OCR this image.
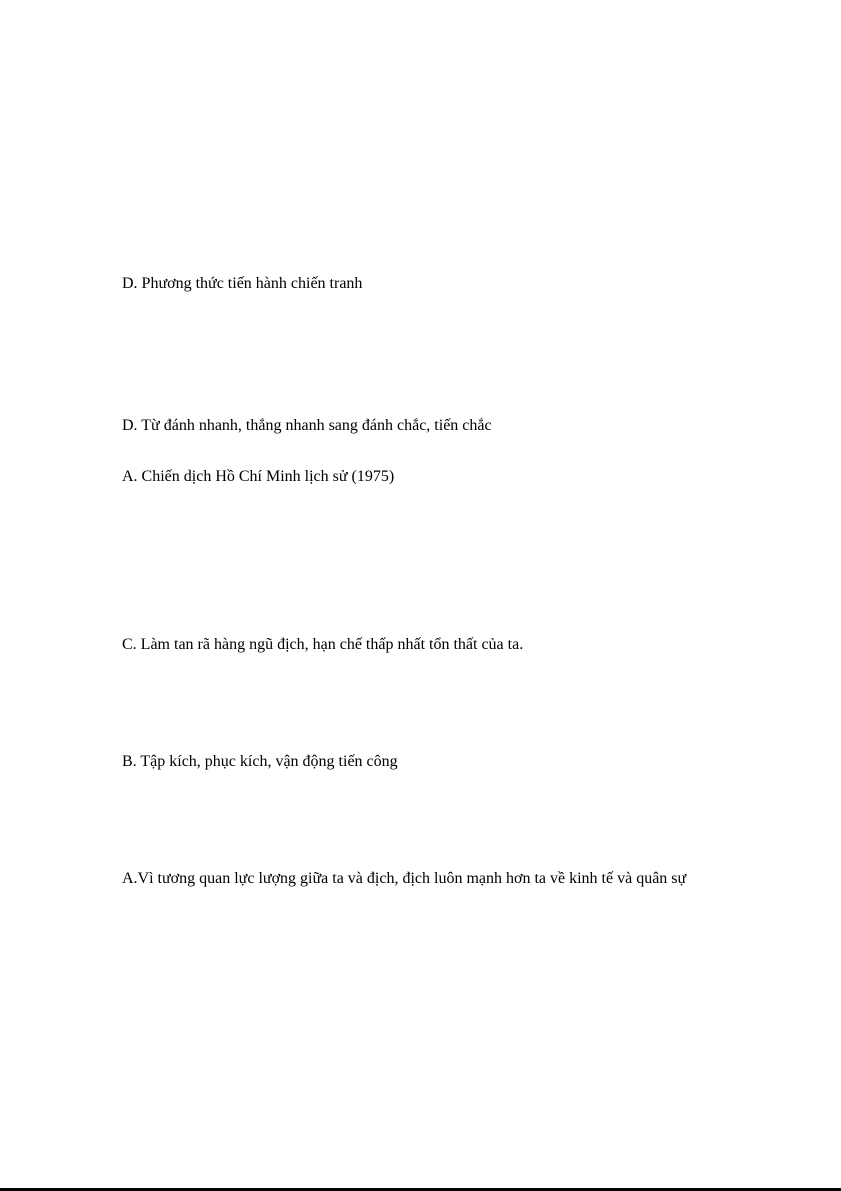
D. Phương thức tiến hành chiến tranh
D. Từ đánh nhanh, thắng nhanh sang đánh chắc, tiến chắc
A. Chiến dịch Hồ Chí Minh lịch sử (1975)
C. Làm tan rã hàng ngũ địch, hạn chế thấp nhất tổn thất của ta.
B. Tập kích, phục kích, vận động tiến công
A.Vì tương quan lực lượng giữa ta và địch, địch luôn mạnh hơn ta về kinh tế và quân sự
